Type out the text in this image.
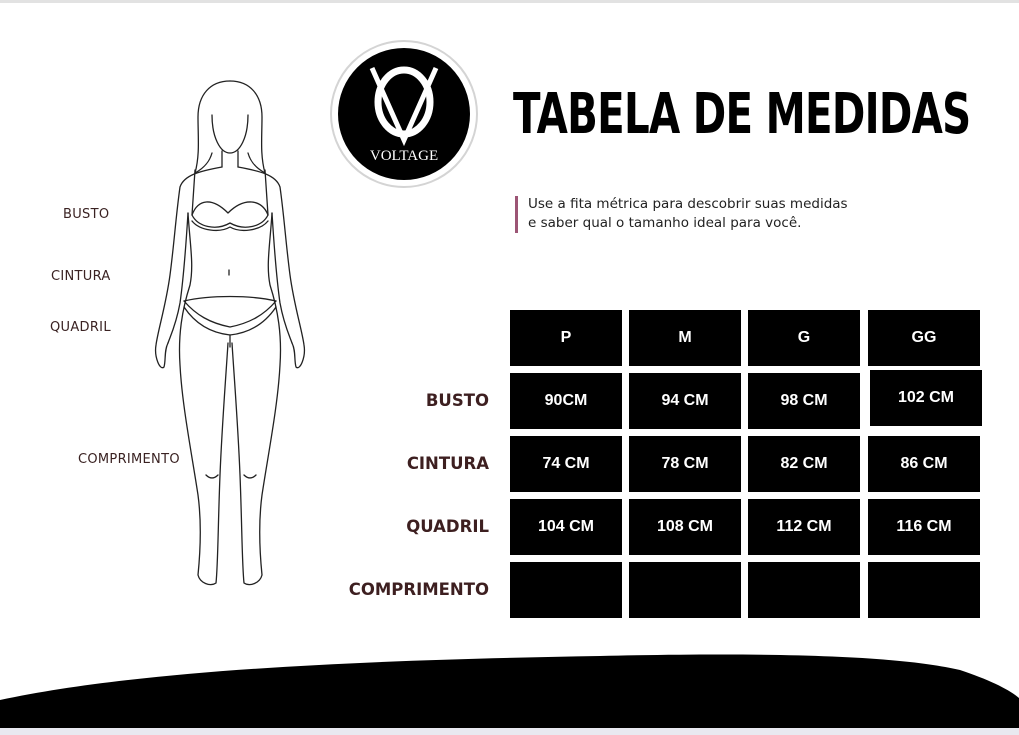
BUSTO
CINTURA
QUADRIL
COMPRIMENTO
VOLTAGE
TABELA DE MEDIDAS
Use a fita métrica para descobrir suas medidas
e saber qual o tamanho ideal para você.
P	M	G	GG
BUSTO	90CM	94 CM	98 CM	102 CM
CINTURA	74 CM	78 CM	82 CM	86 CM
QUADRIL	104 CM	108 CM	112 CM	116 CM
COMPRIMENTO
